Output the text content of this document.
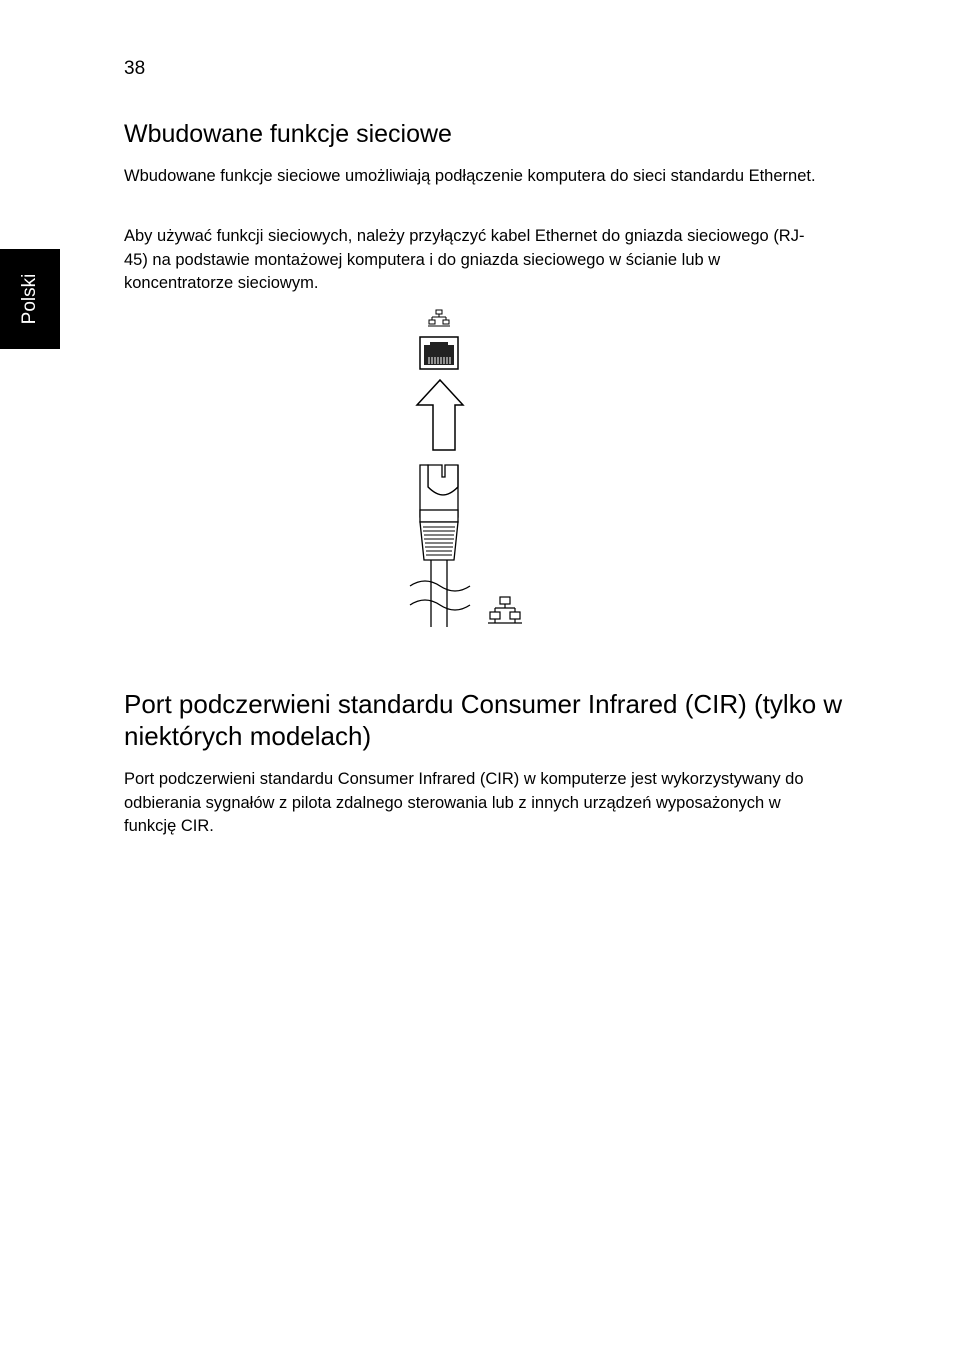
38
Polski
Wbudowane funkcje sieciowe

Wbudowane funkcje sieciowe umożliwiają podłączenie komputera do sieci standardu Ethernet.

Aby używać funkcji sieciowych, należy przyłączyć kabel Ethernet do gniazda sieciowego (RJ-45) na podstawie montażowej komputera i do gniazda sieciowego w ścianie lub w koncentratorze sieciowym.

Port podczerwieni standardu Consumer Infrared (CIR) (tylko w niektórych modelach)

Port podczerwieni standardu Consumer Infrared (CIR) w komputerze jest wykorzystywany do odbierania sygnałów z pilota zdalnego sterowania lub z innych urządzeń wyposażonych w funkcję CIR.
